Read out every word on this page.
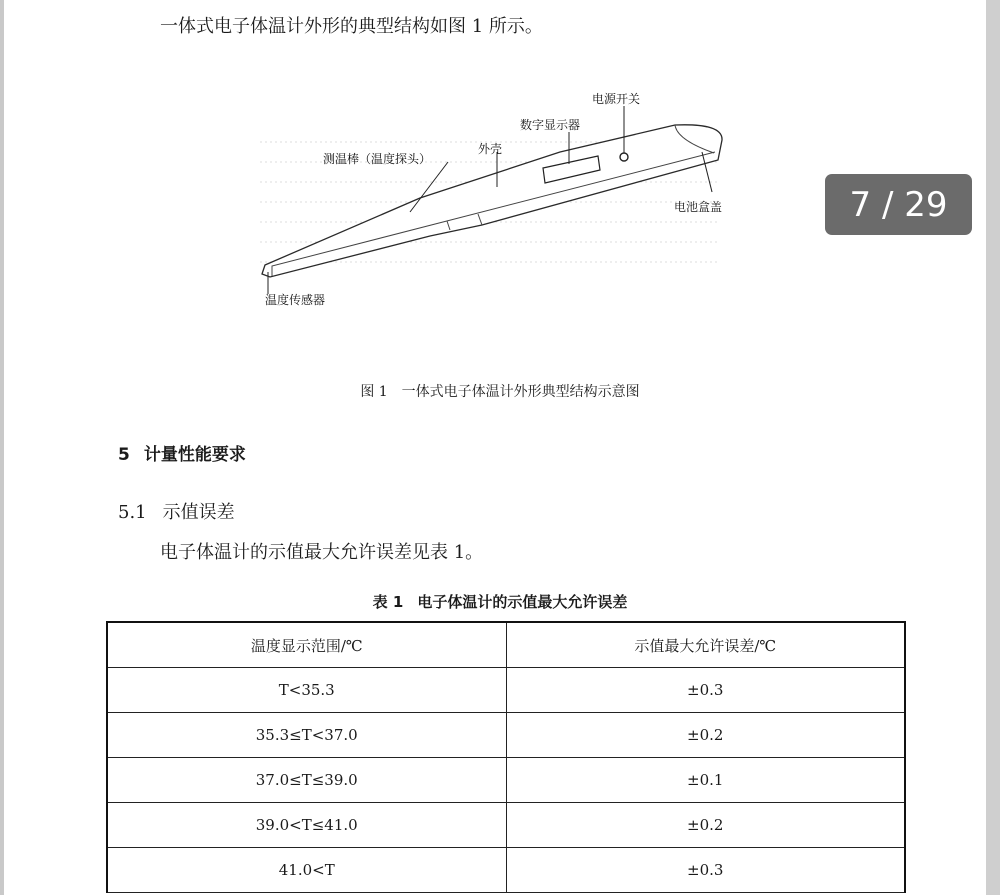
一体式电子体温计外形的典型结构如图 1 所示。
电源开关
数字显示器
外壳
测温棒（温度探头）
电池盒盖
温度传感器
图 1　一体式电子体温计外形典型结构示意图
5 计量性能要求
5.1 示值误差
电子体温计的示值最大允许误差见表 1。
表 1 电子体温计的示值最大允许误差
温度显示范围/℃	示值最大允许误差/℃
T<35.3	±0.3
35.3≤T<37.0	±0.2
37.0≤T≤39.0	±0.1
39.0<T≤41.0	±0.2
41.0<T	±0.3
7 / 29
